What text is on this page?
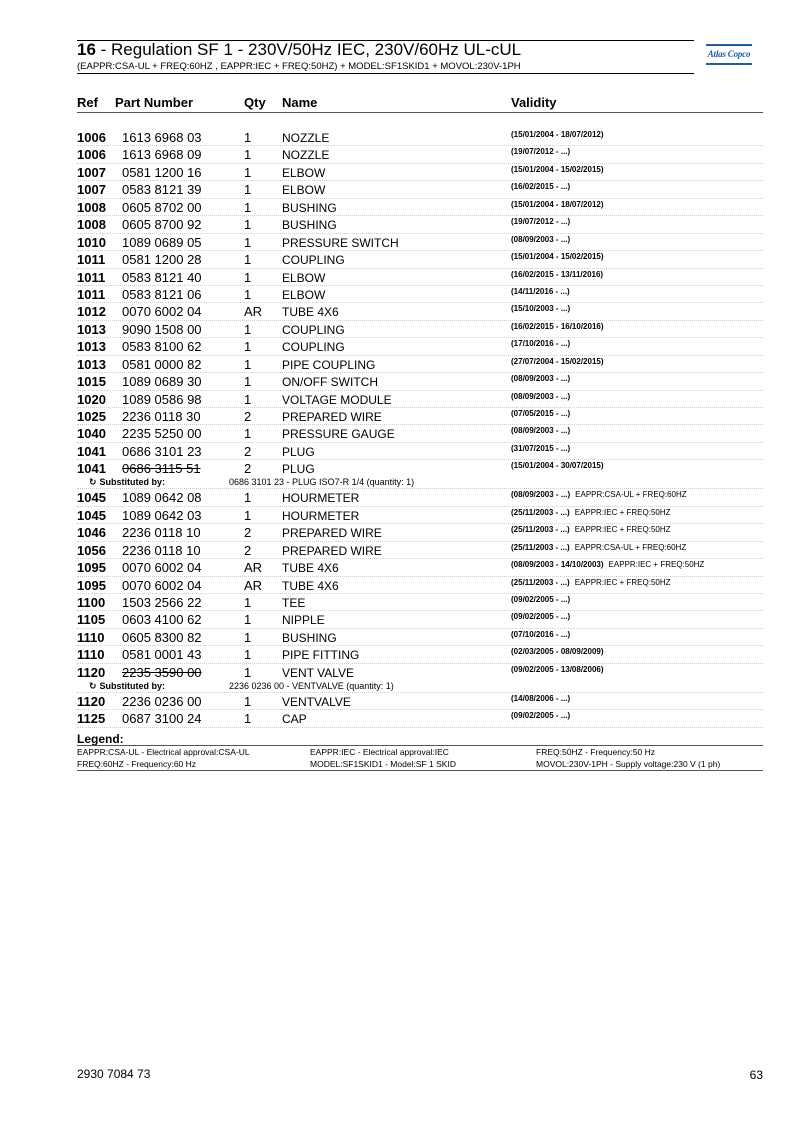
16 - Regulation SF 1 - 230V/50Hz IEC, 230V/60Hz UL-cUL
(EAPPR:CSA-UL + FREQ:60HZ , EAPPR:IEC + FREQ:50HZ) + MODEL:SF1SKID1 + MOVOL:230V-1PH
Atlas Copco
Ref Part Number	Qty Name	Validity
1006 1613 6968 03	1	NOZZLE	(15/01/2004 - 18/07/2012)
1006 1613 6968 09	1	NOZZLE	(19/07/2012 - ...)
1007 0581 1200 16	1	ELBOW	(15/01/2004 - 15/02/2015)
1007 0583 8121 39	1	ELBOW	(16/02/2015 - ...)
1008 0605 8702 00	1	BUSHING	(15/01/2004 - 18/07/2012)
1008 0605 8700 92	1	BUSHING	(19/07/2012 - ...)
1010 1089 0689 05	1	PRESSURE SWITCH	(08/09/2003 - ...)
1011 0581 1200 28	1	COUPLING	(15/01/2004 - 15/02/2015)
1011 0583 8121 40	1	ELBOW	(16/02/2015 - 13/11/2016)
1011 0583 8121 06	1	ELBOW	(14/11/2016 - ...)
1012 0070 6002 04	AR TUBE 4X6	(15/10/2003 - ...)
1013 9090 1508 00	1	COUPLING	(16/02/2015 - 16/10/2016)
1013 0583 8100 62	1	COUPLING	(17/10/2016 - ...)
1013 0581 0000 82	1	PIPE COUPLING	(27/07/2004 - 15/02/2015)
1015 1089 0689 30	1	ON/OFF SWITCH	(08/09/2003 - ...)
1020 1089 0586 98	1	VOLTAGE MODULE	(08/09/2003 - ...)
1025 2236 0118 30	2	PREPARED WIRE	(07/05/2015 - ...)
1040 2235 5250 00	1	PRESSURE GAUGE	(08/09/2003 - ...)
1041 0686 3101 23	2	PLUG	(31/07/2015 - ...)
1041 0686 3115 51	2	PLUG	(15/01/2004 - 30/07/2015)
↻ Substituted by:	0686 3101 23 - PLUG ISO7-R 1/4 (quantity: 1)
1045 1089 0642 08	1	HOURMETER	(08/09/2003 - ...) EAPPR:CSA-UL + FREQ:60HZ
1045 1089 0642 03	1	HOURMETER	(25/11/2003 - ...) EAPPR:IEC + FREQ:50HZ
1046 2236 0118 10	2	PREPARED WIRE	(25/11/2003 - ...) EAPPR:IEC + FREQ:50HZ
1056 2236 0118 10	2	PREPARED WIRE	(25/11/2003 - ...) EAPPR:CSA-UL + FREQ:60HZ
1095 0070 6002 04	AR TUBE 4X6	(08/09/2003 - 14/10/2003) EAPPR:IEC + FREQ:50HZ
1095 0070 6002 04	AR TUBE 4X6	(25/11/2003 - ...) EAPPR:IEC + FREQ:50HZ
1100 1503 2566 22	1	TEE	(09/02/2005 - ...)
1105 0603 4100 62	1	NIPPLE	(09/02/2005 - ...)
1110 0605 8300 82	1	BUSHING	(07/10/2016 - ...)
1110 0581 0001 43	1	PIPE FITTING	(02/03/2005 - 08/09/2009)
1120 2235 3590 00	1	VENT VALVE	(09/02/2005 - 13/08/2006)
↻ Substituted by:	2236 0236 00 - VENTVALVE (quantity: 1)
1120 2236 0236 00	1	VENTVALVE	(14/08/2006 - ...)
1125 0687 3100 24	1	CAP	(09/02/2005 - ...)
Legend:
EAPPR:CSA-UL - Electrical approval:CSA-UL	EAPPR:IEC - Electrical approval:IEC	FREQ:50HZ - Frequency:50 Hz
FREQ:60HZ - Frequency:60 Hz	MODEL:SF1SKID1 - Model:SF 1 SKID	MOVOL:230V-1PH - Supply voltage:230 V (1 ph)
2930 7084 73	63
